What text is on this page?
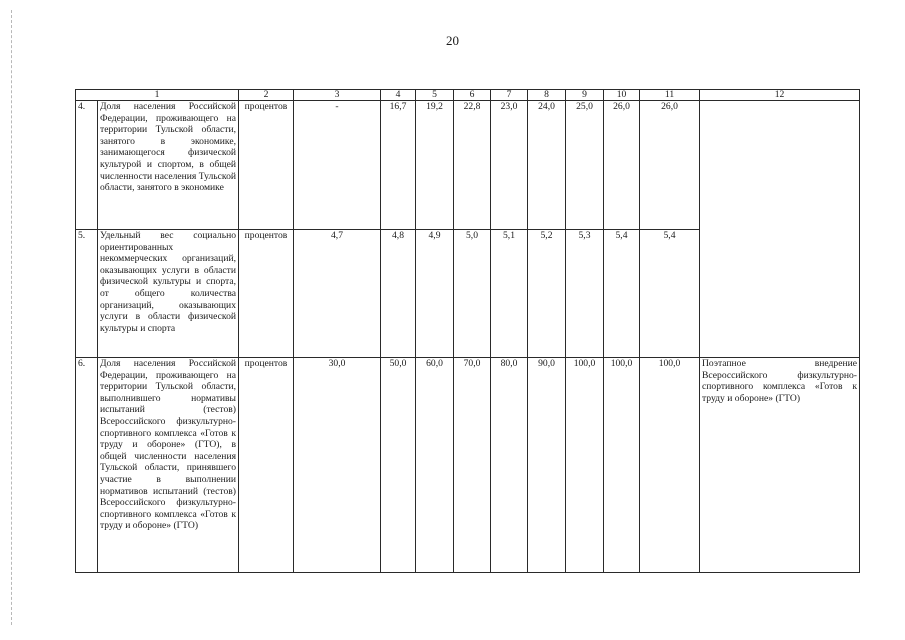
20
1		2	3	4	5	6	7	8	9	10	11	12
4.	Доля населения Российской Федерации, проживающего на территории Тульской области, занятого в экономике, занимающегося физической культурой и спортом, в общей численности населения Тульской области, занятого в экономике	процентов	-	16,7	19,2	22,8	23,0	24,0	25,0	26,0	26,0	
5.	Удельный вес социально ориентированных некоммерческих организаций, оказывающих услуги в области физической культуры и спорта, от общего количества организаций, оказывающих услуги в области физической культуры и спорта	процентов	4,7	4,8	4,9	5,0	5,1	5,2	5,3	5,4	5,4	
6.	Доля населения Российской Федерации, проживающего на территории Тульской области, выполнившего нормативы испытаний (тестов) Всероссийского физкультурно-спортивного комплекса «Готов к труду и обороне» (ГТО), в общей численности населения Тульской области, принявшего участие в выполнении нормативов испытаний (тестов) Всероссийского физкультурно-спортивного комплекса «Готов к труду и обороне» (ГТО)	процентов	30,0	50,0	60,0	70,0	80,0	90,0	100,0	100,0	100,0	Поэтапное внедрение Всероссийского физкультурно-спортивного комплекса «Готов к труду и обороне» (ГТО)
